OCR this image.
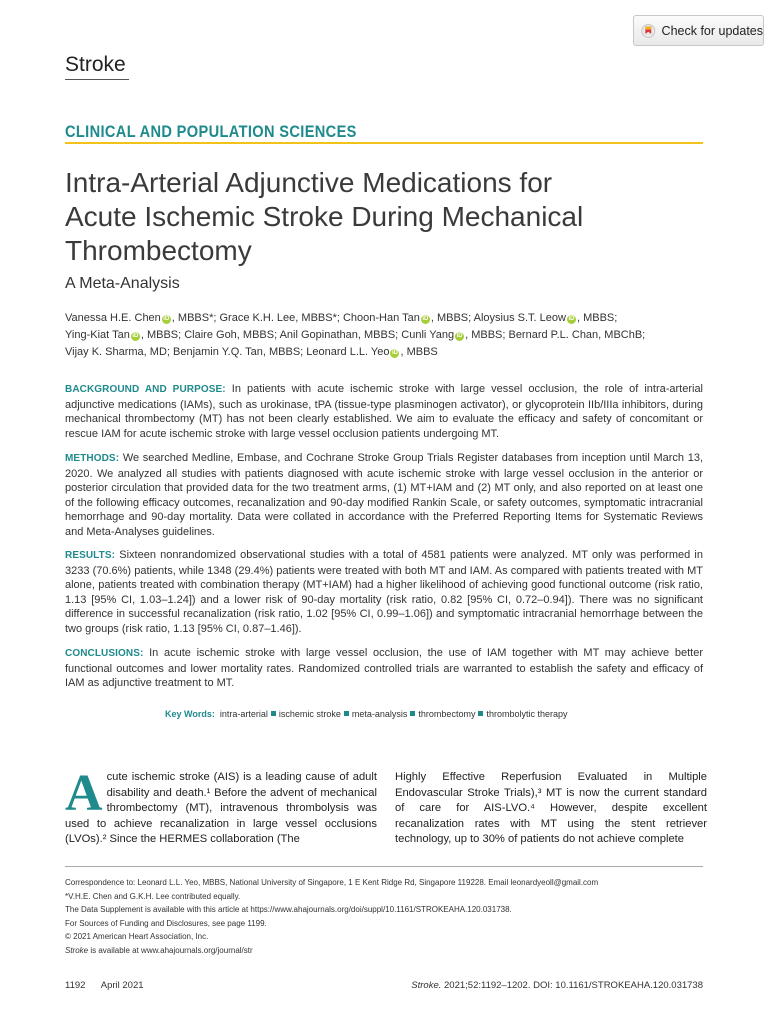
Check for updates
Stroke
CLINICAL AND POPULATION SCIENCES
Intra-Arterial Adjunctive Medications for
Acute Ischemic Stroke During Mechanical
Thrombectomy
A Meta-Analysis
Vanessa H.E. Chen iD , MBBS*; Grace K.H. Lee, MBBS*; Choon-Han Tan iD , MBBS; Aloysius S.T. Leow iD , MBBS;
Ying-Kiat Tan iD , MBBS; Claire Goh, MBBS; Anil Gopinathan, MBBS; Cunli Yang iD , MBBS; Bernard P.L. Chan, MBChB;
Vijay K. Sharma, MD; Benjamin Y.Q. Tan, MBBS; Leonard L.L. Yeo iD , MBBS
BACKGROUND AND PURPOSE: In patients with acute ischemic stroke with large vessel occlusion, the role of intra-arterial adjunctive medications (IAMs), such as urokinase, tPA (tissue-type plasminogen activator), or glycoprotein IIb/IIIa inhibitors, during mechanical thrombectomy (MT) has not been clearly established. We aim to evaluate the efficacy and safety of concomitant or rescue IAM for acute ischemic stroke with large vessel occlusion patients undergoing MT.
METHODS: We searched Medline, Embase, and Cochrane Stroke Group Trials Register databases from inception until March 13, 2020. We analyzed all studies with patients diagnosed with acute ischemic stroke with large vessel occlusion in the anterior or posterior circulation that provided data for the two treatment arms, (1) MT+IAM and (2) MT only, and also reported on at least one of the following efficacy outcomes, recanalization and 90-day modified Rankin Scale, or safety outcomes, symptomatic intracranial hemorrhage and 90-day mortality. Data were collated in accordance with the Preferred Reporting Items for Systematic Reviews and Meta-Analyses guidelines.
RESULTS: Sixteen nonrandomized observational studies with a total of 4581 patients were analyzed. MT only was performed in 3233 (70.6%) patients, while 1348 (29.4%) patients were treated with both MT and IAM. As compared with patients treated with MT alone, patients treated with combination therapy (MT+IAM) had a higher likelihood of achieving good functional outcome (risk ratio, 1.13 [95% CI, 1.03–1.24]) and a lower risk of 90-day mortality (risk ratio, 0.82 [95% CI, 0.72–0.94]). There was no significant difference in successful recanalization (risk ratio, 1.02 [95% CI, 0.99–1.06]) and symptomatic intracranial hemorrhage between the two groups (risk ratio, 1.13 [95% CI, 0.87–1.46]).
CONCLUSIONS: In acute ischemic stroke with large vessel occlusion, the use of IAM together with MT may achieve better functional outcomes and lower mortality rates. Randomized controlled trials are warranted to establish the safety and efficacy of IAM as adjunctive treatment to MT.
Key Words: intra-arterial ischemic stroke meta-analysis thrombectomy thrombolytic therapy
A cute ischemic stroke (AIS) is a leading cause of adult disability and death.¹ Before the advent of mechanical thrombectomy (MT), intravenous thrombolysis was used to achieve recanalization in large vessel occlusions (LVOs).² Since the HERMES collaboration (The

Highly Effective Reperfusion Evaluated in Multiple Endovascular Stroke Trials),³ MT is now the current standard of care for AIS-LVO.⁴ However, despite excellent recanalization rates with MT using the stent retriever technology, up to 30% of patients do not achieve complete

Correspondence to: Leonard L.L. Yeo, MBBS, National University of Singapore, 1 E Kent Ridge Rd, Singapore 119228. Email leonardyeoll@gmail.com
*V.H.E. Chen and G.K.H. Lee contributed equally.
The Data Supplement is available with this article at https://www.ahajournals.org/doi/suppl/10.1161/STROKEAHA.120.031738.
For Sources of Funding and Disclosures, see page 1199.
© 2021 American Heart Association, Inc.
Stroke is available at www.ahajournals.org/journal/str
1192 April 2021	Stroke. 2021;52:1192–1202. DOI: 10.1161/STROKEAHA.120.031738
